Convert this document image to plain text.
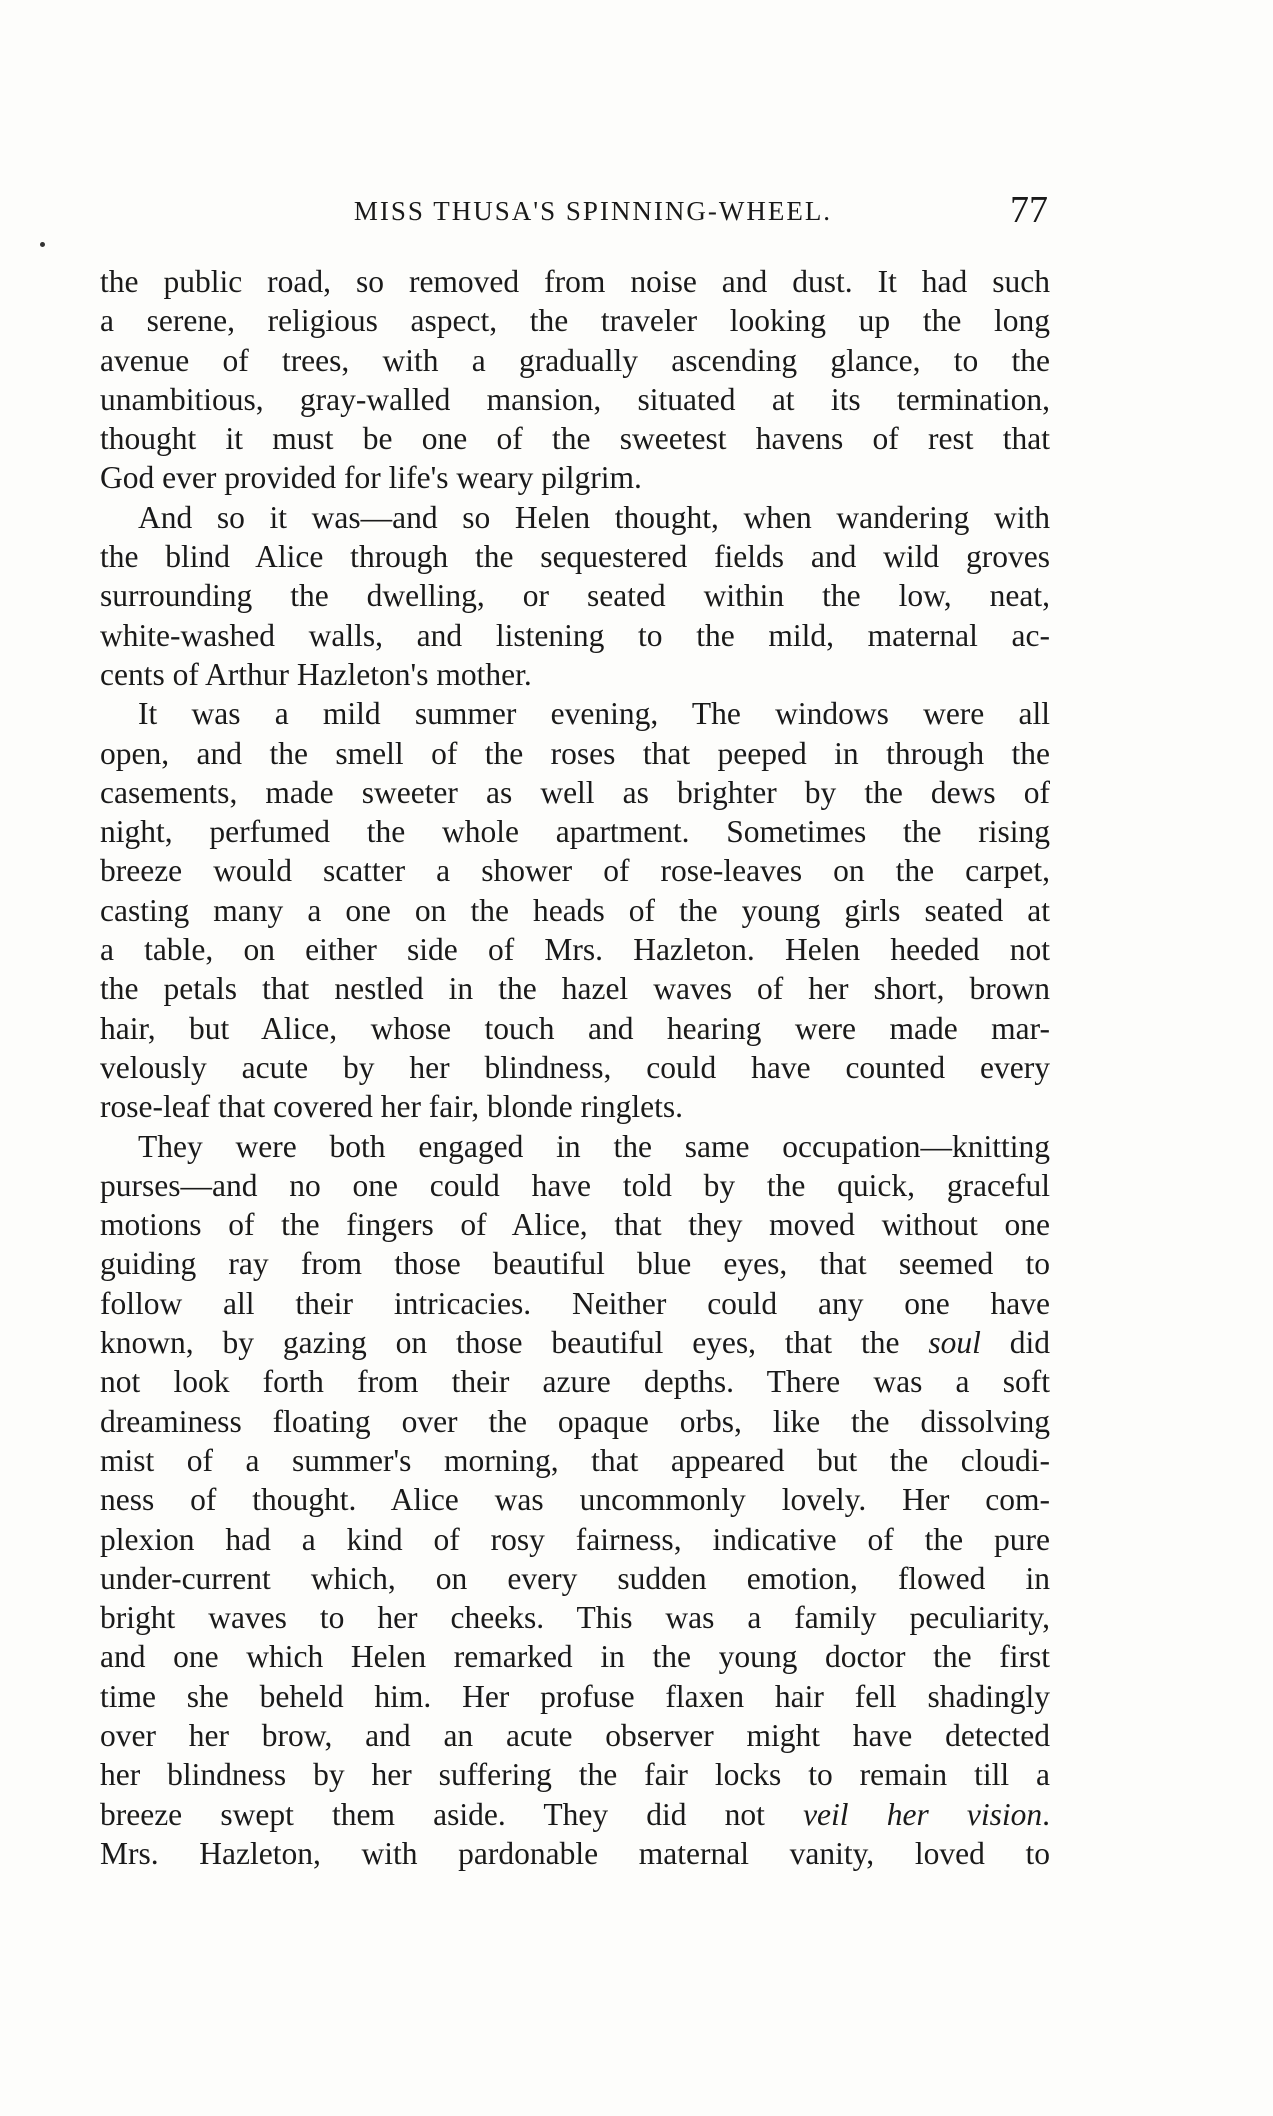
MISS THUSA'S SPINNING-WHEEL.	77
the public road, so removed from noise and dust. It had such
a serene, religious aspect, the traveler looking up the long
avenue of trees, with a gradually ascending glance, to the
unambitious, gray-walled mansion, situated at its termination,
thought it must be one of the sweetest havens of rest that
God ever provided for life's weary pilgrim.
And so it was—and so Helen thought, when wandering with
the blind Alice through the sequestered fields and wild groves
surrounding the dwelling, or seated within the low, neat,
white-washed walls, and listening to the mild, maternal ac-
cents of Arthur Hazleton's mother.
It was a mild summer evening, The windows were all
open, and the smell of the roses that peeped in through the
casements, made sweeter as well as brighter by the dews of
night, perfumed the whole apartment. Sometimes the rising
breeze would scatter a shower of rose-leaves on the carpet,
casting many a one on the heads of the young girls seated at
a table, on either side of Mrs. Hazleton. Helen heeded not
the petals that nestled in the hazel waves of her short, brown
hair, but Alice, whose touch and hearing were made mar-
velously acute by her blindness, could have counted every
rose-leaf that covered her fair, blonde ringlets.
They were both engaged in the same occupation—knitting
purses—and no one could have told by the quick, graceful
motions of the fingers of Alice, that they moved without one
guiding ray from those beautiful blue eyes, that seemed to
follow all their intricacies. Neither could any one have
known, by gazing on those beautiful eyes, that the soul did
not look forth from their azure depths. There was a soft
dreaminess floating over the opaque orbs, like the dissolving
mist of a summer's morning, that appeared but the cloudi-
ness of thought. Alice was uncommonly lovely. Her com-
plexion had a kind of rosy fairness, indicative of the pure
under-current which, on every sudden emotion, flowed in
bright waves to her cheeks. This was a family peculiarity,
and one which Helen remarked in the young doctor the first
time she beheld him. Her profuse flaxen hair fell shadingly
over her brow, and an acute observer might have detected
her blindness by her suffering the fair locks to remain till a
breeze swept them aside. They did not veil her vision.
Mrs. Hazleton, with pardonable maternal vanity, loved to
